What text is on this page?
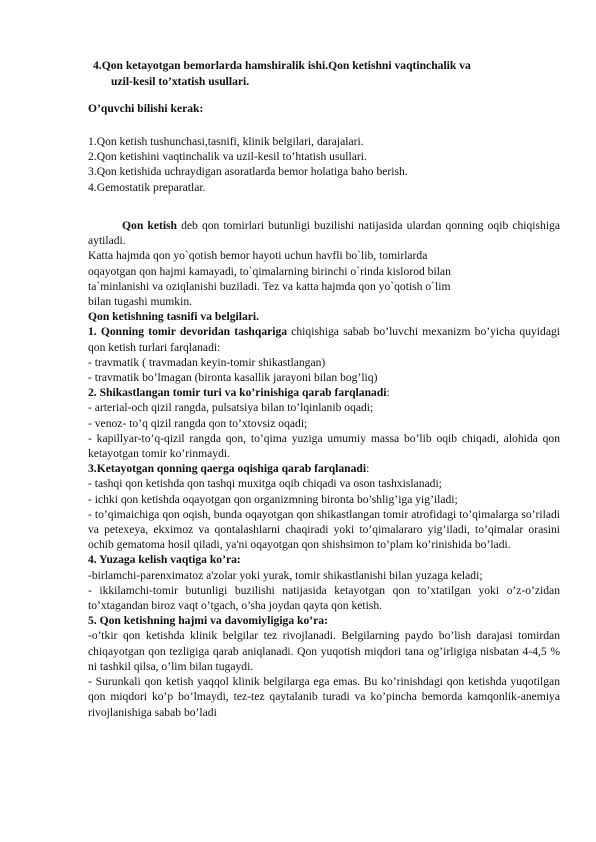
4.Qon ketayotgan bemorlarda hamshiralik ishi.Qon ketishni vaqtinchalik va
uzil-kesil to’xtatish usullari.

O’quvchi bilishi kerak:

1.Qon ketish tushunchasi,tasnifi, klinik belgilari, darajalari.

2.Qon ketishini vaqtinchalik va uzil-kesil to’htatish usullari.

3.Qon ketishida uchraydigan asoratlarda bemor holatiga baho berish.

4.Gemostatik preparatlar.

Qon ketish deb qon tomirlari butunligi buzilishi natijasida ulardan qonning oqib chiqishiga aytiladi.

Katta hajmda qon yo`qotish bemor hayoti uchun havfli bo`lib, tomirlarda

oqayotgan qon hajmi kamayadi, to`qimalarning birinchi o`rinda kislorod bilan

ta`minlanishi va oziqlanishi buziladi. Tez va katta hajmda qon yo`qotish o`lim

bilan tugashi mumkin.

Qon ketishning tasnifi va belgilari.

1. Qonning tomir devoridan tashqariga chiqishiga sabab bo’luvchi mexanizm bo’yicha quyidagi qon ketish turlari farqlanadi:

- travmatik ( travmadan keyin-tomir shikastlangan)

- travmatik bo’lmagan (bironta kasallik jarayoni bilan bog’liq)

2. Shikastlangan tomir turi va ko’rinishiga qarab farqlanadi:

- arterial-och qizil rangda, pulsatsiya bilan to’lqinlanib oqadi;

- venoz- to’q qizil rangda qon to’xtovsiz oqadi;

- kapillyar-to’q-qizil rangda qon, to’qima yuziga umumiy massa bo’lib oqib chiqadi, alohida qon ketayotgan tomir ko’rinmaydi.

3.Ketayotgan qonning qaerga oqishiga qarab farqlanadi:

- tashqi qon ketishda qon tashqi muxitga oqib chiqadi va oson tashxislanadi;

- ichki qon ketishda oqayotgan qon organizmning bironta bo’shlig’iga yig’iladi;

- to’qimaichiga qon oqish, bunda oqayotgan qon shikastlangan tomir atrofidagi to’qimalarga so’riladi va petexeya, ekximoz va qontalashlarni chaqiradi yoki to’qimalararo yig’iladi, to’qimalar orasini ochib gematoma hosil qiladi, ya'ni oqayotgan qon shishsimon to’plam ko’rinishida bo’ladi.

4. Yuzaga kelish vaqtiga ko’ra:

-birlamchi-parenximatoz a'zolar yoki yurak, tomir shikastlanishi bilan yuzaga keladi;

- ikkilamchi-tomir butunligi buzilishi natijasida ketayotgan qon to’xtatilgan yoki o’z-o’zidan to’xtagandan biroz vaqt o’tgach, o’sha joydan qayta qon ketish.

5. Qon ketishning hajmi va davomiyligiga ko’ra:

-o’tkir qon ketishda klinik belgilar tez rivojlanadi. Belgilarning paydo bo’lish darajasi tomirdan chiqayotgan qon tezligiga qarab aniqlanadi. Qon yuqotish miqdori tana og’irligiga nisbatan 4-4,5 % ni tashkil qilsa, o’lim bilan tugaydi.

- Surunkali qon ketish yaqqol klinik belgilarga ega emas. Bu ko’rinishdagi qon ketishda yuqotilgan qon miqdori ko’p bo’lmaydi, tez-tez qaytalanib turadi va ko’pincha bemorda kamqonlik-anemiya rivojlanishiga sabab bo’ladi
